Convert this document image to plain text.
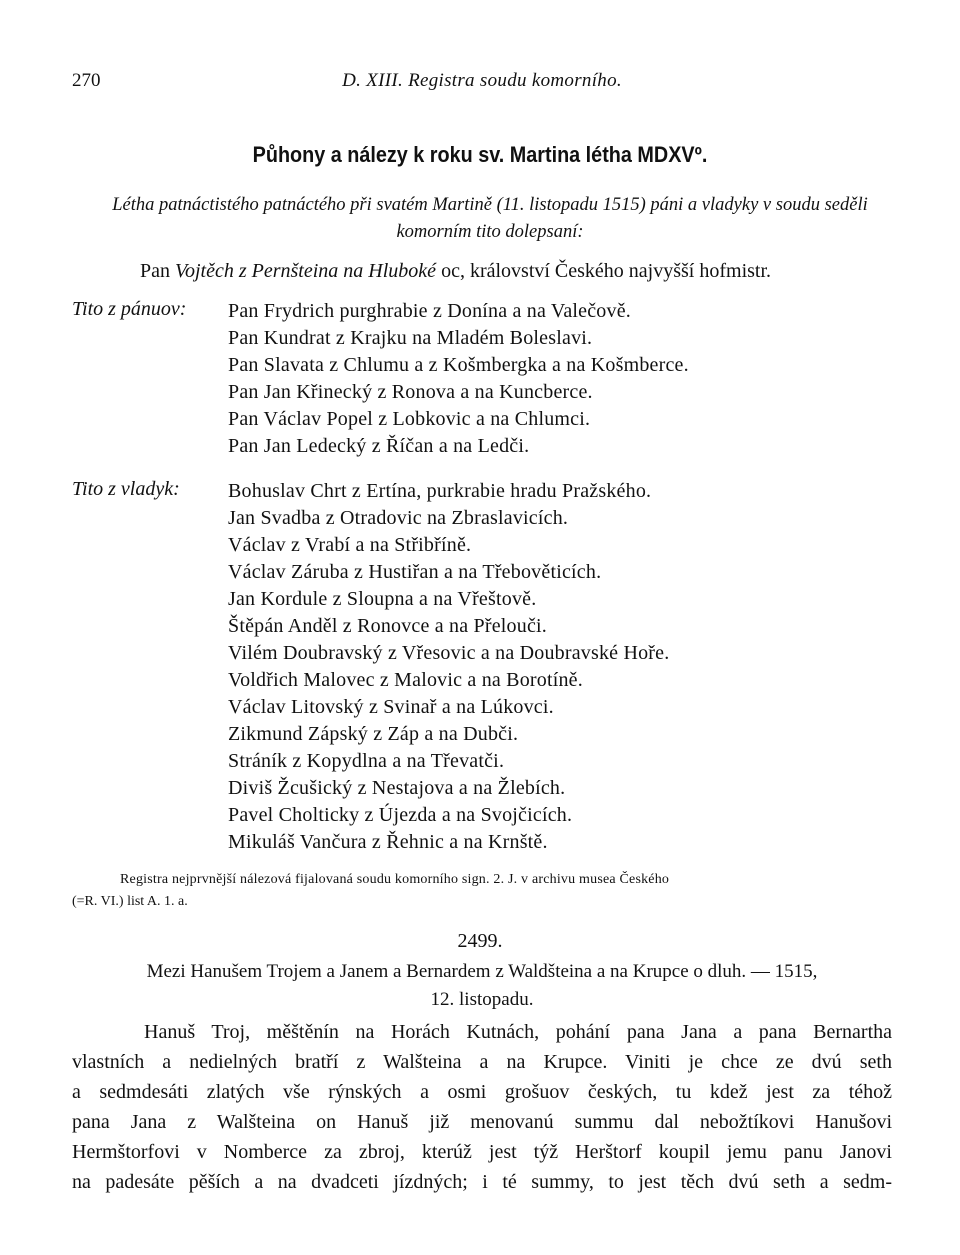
270	D. XIII. Registra soudu komorního.
Půhony a nálezy k roku sv. Martina létha MDXVº.
Létha patnáctistého patnáctého při svatém Martině (11. listopadu 1515) páni a vladyky v soudu seděli komorním tito dolepsaní:
Pan Vojtěch z Pernšteina na Hluboké oc, království Českého najvyšší hofmistr.
Tito z pánuov: Pan Frydrich purghrabie z Donína a na Valečově.
Pan Kundrat z Krajku na Mladém Boleslavi.
Pan Slavata z Chlumu a z Košmbergka a na Košmberce.
Pan Jan Křinecký z Ronova a na Kuncberce.
Pan Václav Popel z Lobkovic a na Chlumci.
Pan Jan Ledecký z Říčan a na Ledči.
Tito z vladyk: Bohuslav Chrt z Ertína, purkrabie hradu Pražského.
Jan Svadba z Otradovic na Zbraslavicích.
Václav z Vrabí a na Střibříně.
Václav Záruba z Hustiřan a na Třebověticích.
Jan Kordule z Sloupna a na Vřeštově.
Štěpán Anděl z Ronovce a na Přelouči.
Vilém Doubravský z Vřesovic a na Doubravské Hoře.
Voldřich Malovec z Malovic a na Borotíně.
Václav Litovský z Svinař a na Lúkovci.
Zikmund Zápský z Záp a na Dubči.
Stráník z Kopydlna a na Třevatči.
Diviš Žcušický z Nestajova a na Žlebích.
Pavel Cholticky z Újezda a na Svojčicích.
Mikuláš Vančura z Řehnic a na Krnště.

Registra nejprvnější nálezová fijalovaná soudu komorního sign. 2. J. v archivu musea Českého

(=R. VI.) list A. 1. a.

2499.
Mezi Hanušem Trojem a Janem a Bernardem z Waldšteina a na Krupce o dluh. — 1515,
12. listopadu.
Hanuš Troj, měštěnín na Horách Kutnách, pohání pana Jana a pana Bernartha
vlastních a nedielných bratří z Walšteina a na Krupce. Viniti je chce ze dvú seth
a sedmdesáti zlatých vše rýnských a osmi grošuov českých, tu kdež jest za téhož
pana Jana z Walšteina on Hanuš již menovanú summu dal nebožtíkovi Hanušovi
Hermštorfovi v Nomberce za zbroj, kterúž jest týž Herštorf koupil jemu panu Janovi
na padesáte pěších a na dvadceti jízdných; i té summy, to jest těch dvú seth a sedm-
